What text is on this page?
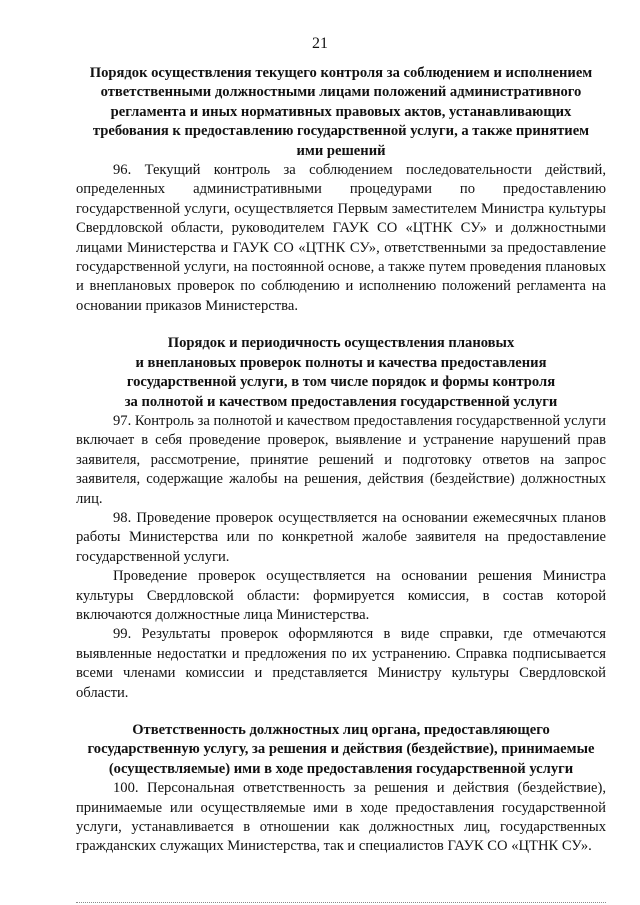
21
Порядок осуществления текущего контроля за соблюдением и исполнением
ответственными должностными лицами положений административного
регламента и иных нормативных правовых актов, устанавливающих
требования к предоставлению государственной услуги, а также принятием
ими решений

96. Текущий контроль за соблюдением последовательности действий, определенных административными процедурами по предоставлению государственной услуги, осуществляется Первым заместителем Министра культуры Свердловской области, руководителем ГАУК СО «ЦТНК СУ» и должностными лицами Министерства и ГАУК СО «ЦТНК СУ», ответственными за предоставление государственной услуги, на постоянной основе, а также путем проведения плановых и внеплановых проверок по соблюдению и исполнению положений регламента на основании приказов Министерства.

Порядок и периодичность осуществления плановых
и внеплановых проверок полноты и качества предоставления
государственной услуги, в том числе порядок и формы контроля
за полнотой и качеством предоставления государственной услуги

97. Контроль за полнотой и качеством предоставления государственной услуги включает в себя проведение проверок, выявление и устранение нарушений прав заявителя, рассмотрение, принятие решений и подготовку ответов на запрос заявителя, содержащие жалобы на решения, действия (бездействие) должностных лиц.

98. Проведение проверок осуществляется на основании ежемесячных планов работы Министерства или по конкретной жалобе заявителя на предоставление государственной услуги.

Проведение проверок осуществляется на основании решения Министра культуры Свердловской области: формируется комиссия, в состав которой включаются должностные лица Министерства.

99. Результаты проверок оформляются в виде справки, где отмечаются выявленные недостатки и предложения по их устранению. Справка подписывается всеми членами комиссии и представляется Министру культуры Свердловской области.

Ответственность должностных лиц органа, предоставляющего
государственную услугу, за решения и действия (бездействие), принимаемые
(осуществляемые) ими в ходе предоставления государственной услуги

100. Персональная ответственность за решения и действия (бездействие), принимаемые или осуществляемые ими в ходе предоставления государственной услуги, устанавливается в отношении как должностных лиц, государственных гражданских служащих Министерства, так и специалистов ГАУК СО «ЦТНК СУ».
